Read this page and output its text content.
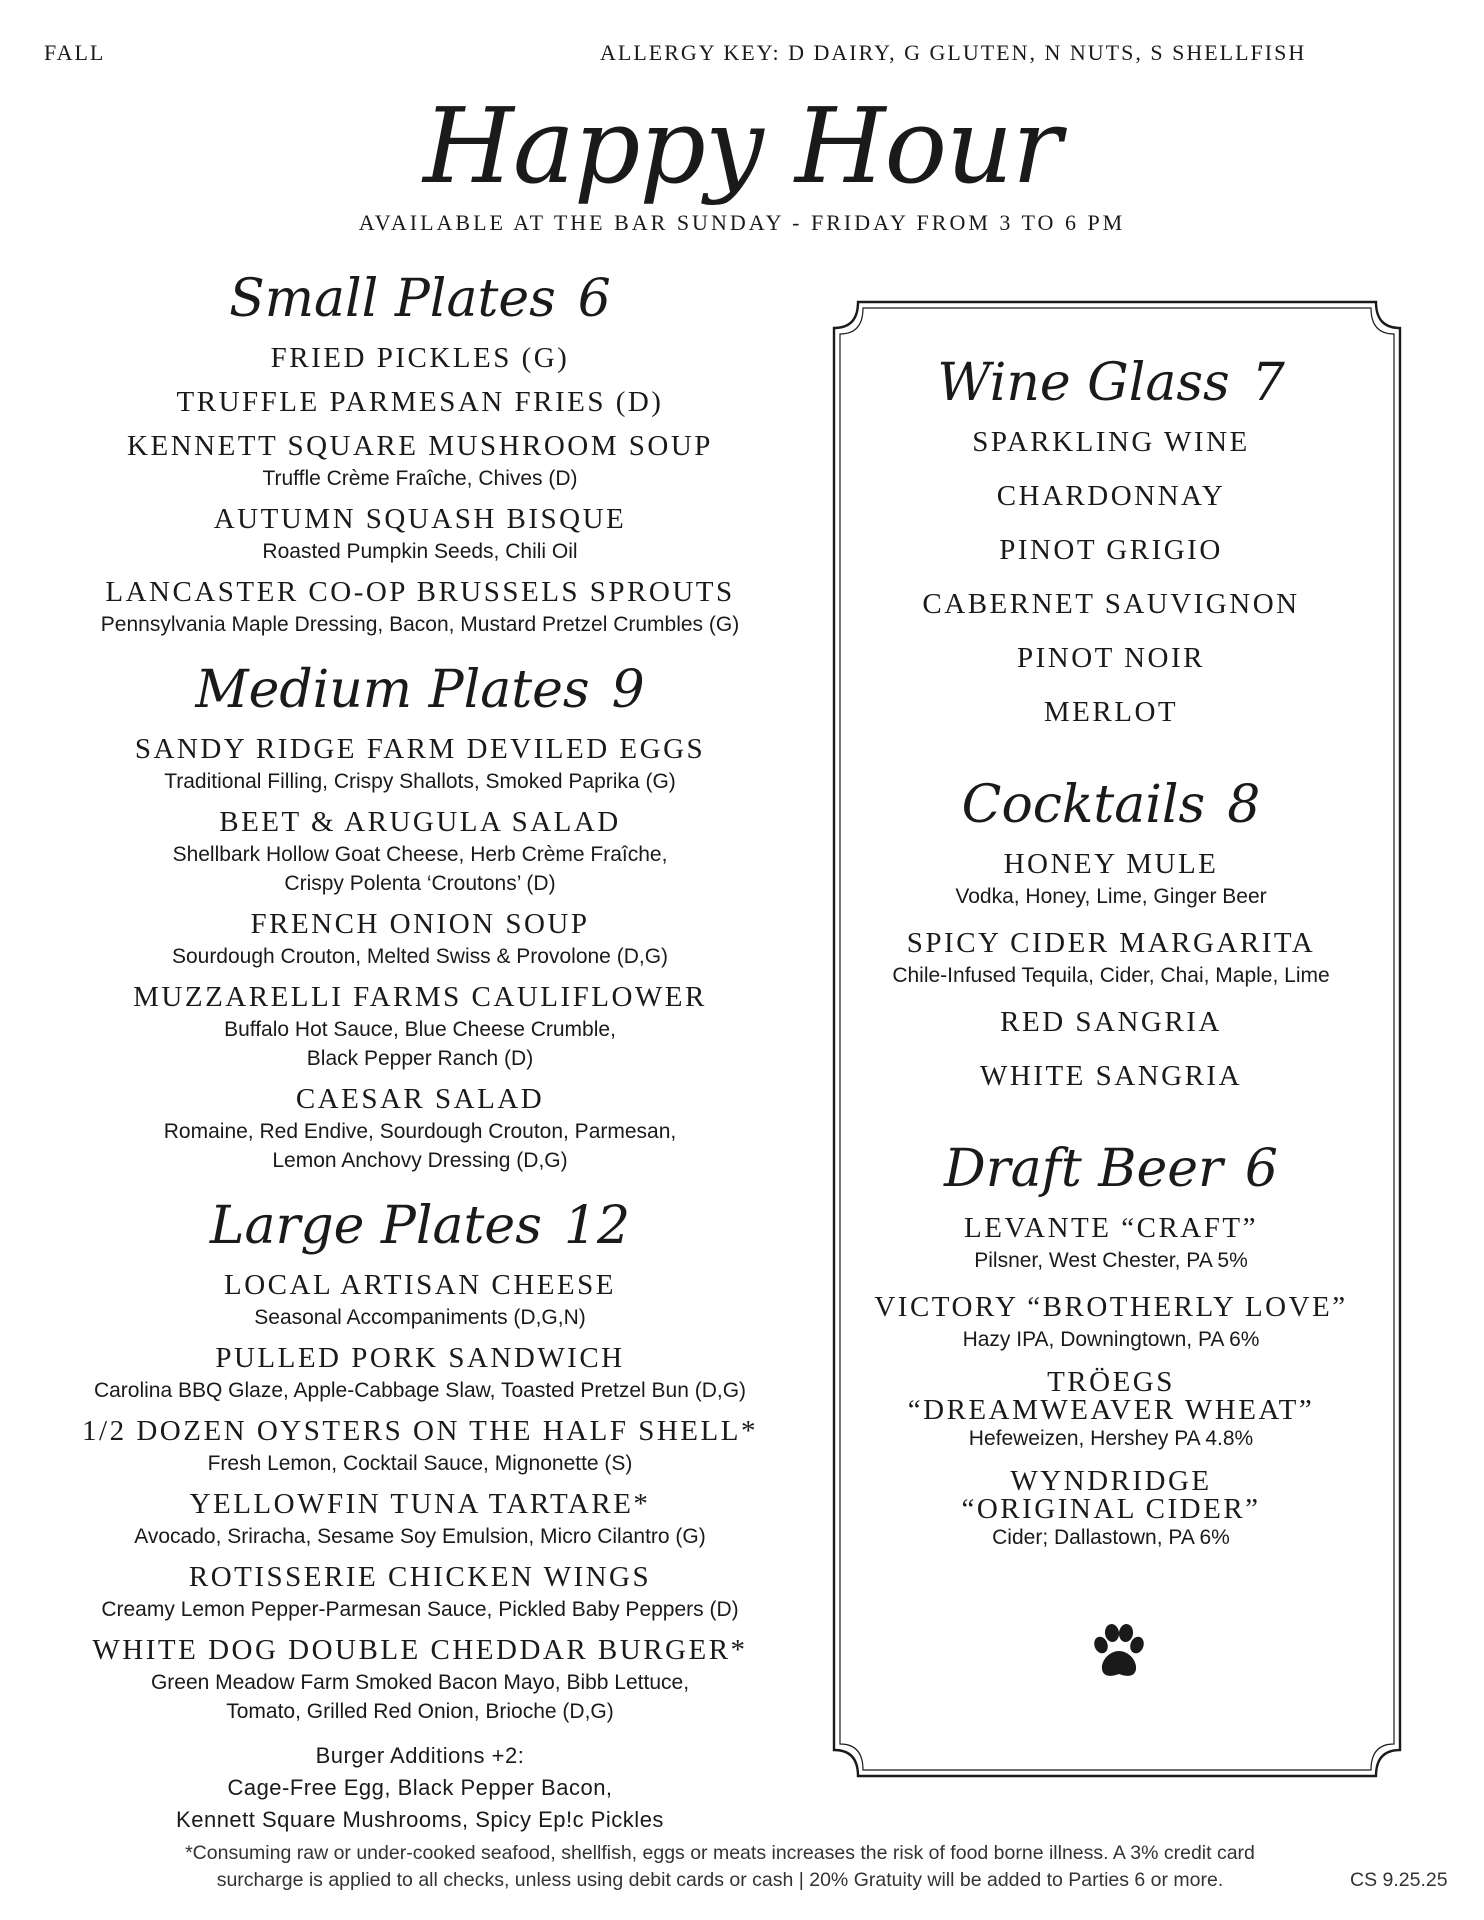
FALL	ALLERGY KEY: D DAIRY, G GLUTEN, N NUTS, S SHELLFISH
Happy Hour
AVAILABLE AT THE BAR SUNDAY - FRIDAY FROM 3 TO 6 PM
Small Plates 6
FRIED PICKLES (G)
TRUFFLE PARMESAN FRIES (D)
KENNETT SQUARE MUSHROOM SOUP
Truffle Crème Fraîche, Chives (D)
AUTUMN SQUASH BISQUE
Roasted Pumpkin Seeds, Chili Oil
LANCASTER CO-OP BRUSSELS SPROUTS
Pennsylvania Maple Dressing, Bacon, Mustard Pretzel Crumbles (G)
Medium Plates 9
SANDY RIDGE FARM DEVILED EGGS
Traditional Filling, Crispy Shallots, Smoked Paprika (G)
BEET & ARUGULA SALAD
Shellbark Hollow Goat Cheese, Herb Crème Fraîche,
Crispy Polenta ‘Croutons’ (D)
FRENCH ONION SOUP
Sourdough Crouton, Melted Swiss & Provolone (D,G)
MUZZARELLI FARMS CAULIFLOWER
Buffalo Hot Sauce, Blue Cheese Crumble,
Black Pepper Ranch (D)
CAESAR SALAD
Romaine, Red Endive, Sourdough Crouton, Parmesan,
Lemon Anchovy Dressing (D,G)
Large Plates 12
LOCAL ARTISAN CHEESE
Seasonal Accompaniments (D,G,N)
PULLED PORK SANDWICH
Carolina BBQ Glaze, Apple-Cabbage Slaw, Toasted Pretzel Bun (D,G)
1/2 DOZEN OYSTERS ON THE HALF SHELL*
Fresh Lemon, Cocktail Sauce, Mignonette (S)
YELLOWFIN TUNA TARTARE*
Avocado, Sriracha, Sesame Soy Emulsion, Micro Cilantro (G)
ROTISSERIE CHICKEN WINGS
Creamy Lemon Pepper-Parmesan Sauce, Pickled Baby Peppers (D)
WHITE DOG DOUBLE CHEDDAR BURGER*
Green Meadow Farm Smoked Bacon Mayo, Bibb Lettuce,
Tomato, Grilled Red Onion, Brioche (D,G)
Burger Additions +2:
Cage-Free Egg, Black Pepper Bacon,
Kennett Square Mushrooms, Spicy Ep!c Pickles
Wine Glass 7
SPARKLING WINE
CHARDONNAY
PINOT GRIGIO
CABERNET SAUVIGNON
PINOT NOIR
MERLOT
Cocktails 8
HONEY MULE
Vodka, Honey, Lime, Ginger Beer
SPICY CIDER MARGARITA
Chile-Infused Tequila, Cider, Chai, Maple, Lime
RED SANGRIA
WHITE SANGRIA
Draft Beer 6
LEVANTE “CRAFT”
Pilsner, West Chester, PA 5%
VICTORY “BROTHERLY LOVE”
Hazy IPA, Downingtown, PA 6%
TRÖEGS
“DREAMWEAVER WHEAT”
Hefeweizen, Hershey PA 4.8%
WYNDRIDGE
“ORIGINAL CIDER”
Cider; Dallastown, PA 6%
*Consuming raw or under-cooked seafood, shellfish, eggs or meats increases the risk of food borne illness. A 3% credit card
surcharge is applied to all checks, unless using debit cards or cash | 20% Gratuity will be added to Parties 6 or more.	CS 9.25.25
